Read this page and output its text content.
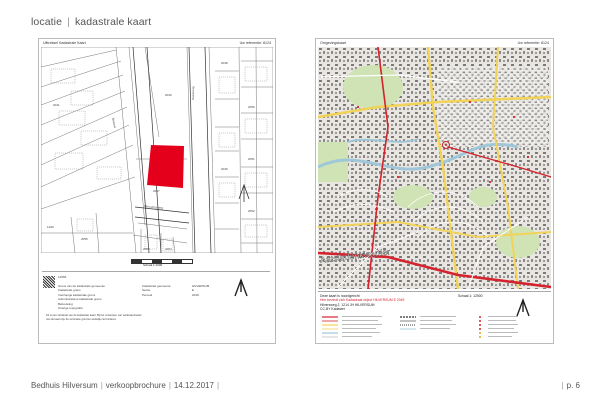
locatie | kadastrale kaart
Uittreksel Kadastrale Kaart	Uw referentie: 8124
Boeuve
Bronsweg
Mercurrusweg
2040
2041
2047
2048
2049
2050
2051
2052
1290
2053	2054
2055
Schaal 1:1000
12565
Grens van de kadastrale gemeente
Kadastrale grens
Voorlopige kadastrale grens
Administratieve kadastrale grens
Bebouwing
Overige topografie
Dit is een uittreksel van de kadastrale kaart. Bij het ontwerpen van werkzaamheden met de kaart zijn de verstrekte grenzen wettelijk niet bindend.
Kadastrale gemeente	HILVERSUM
Sectie	E
Perceel	2049
Omgevingskaart	Uw referentie: 8124
Aatsledenkwartier
Deze kaart is noordgericht
Hier bevindt zich Kadastraal object HILVERSUM E 2049
Hilversweg 2, 1214 JH HILVERSUM
CC-BY Kadaster
Schaal 1: 12500
Bedhuis Hilversum | verkoopbrochure | 14.12.2017 |	| p. 6
